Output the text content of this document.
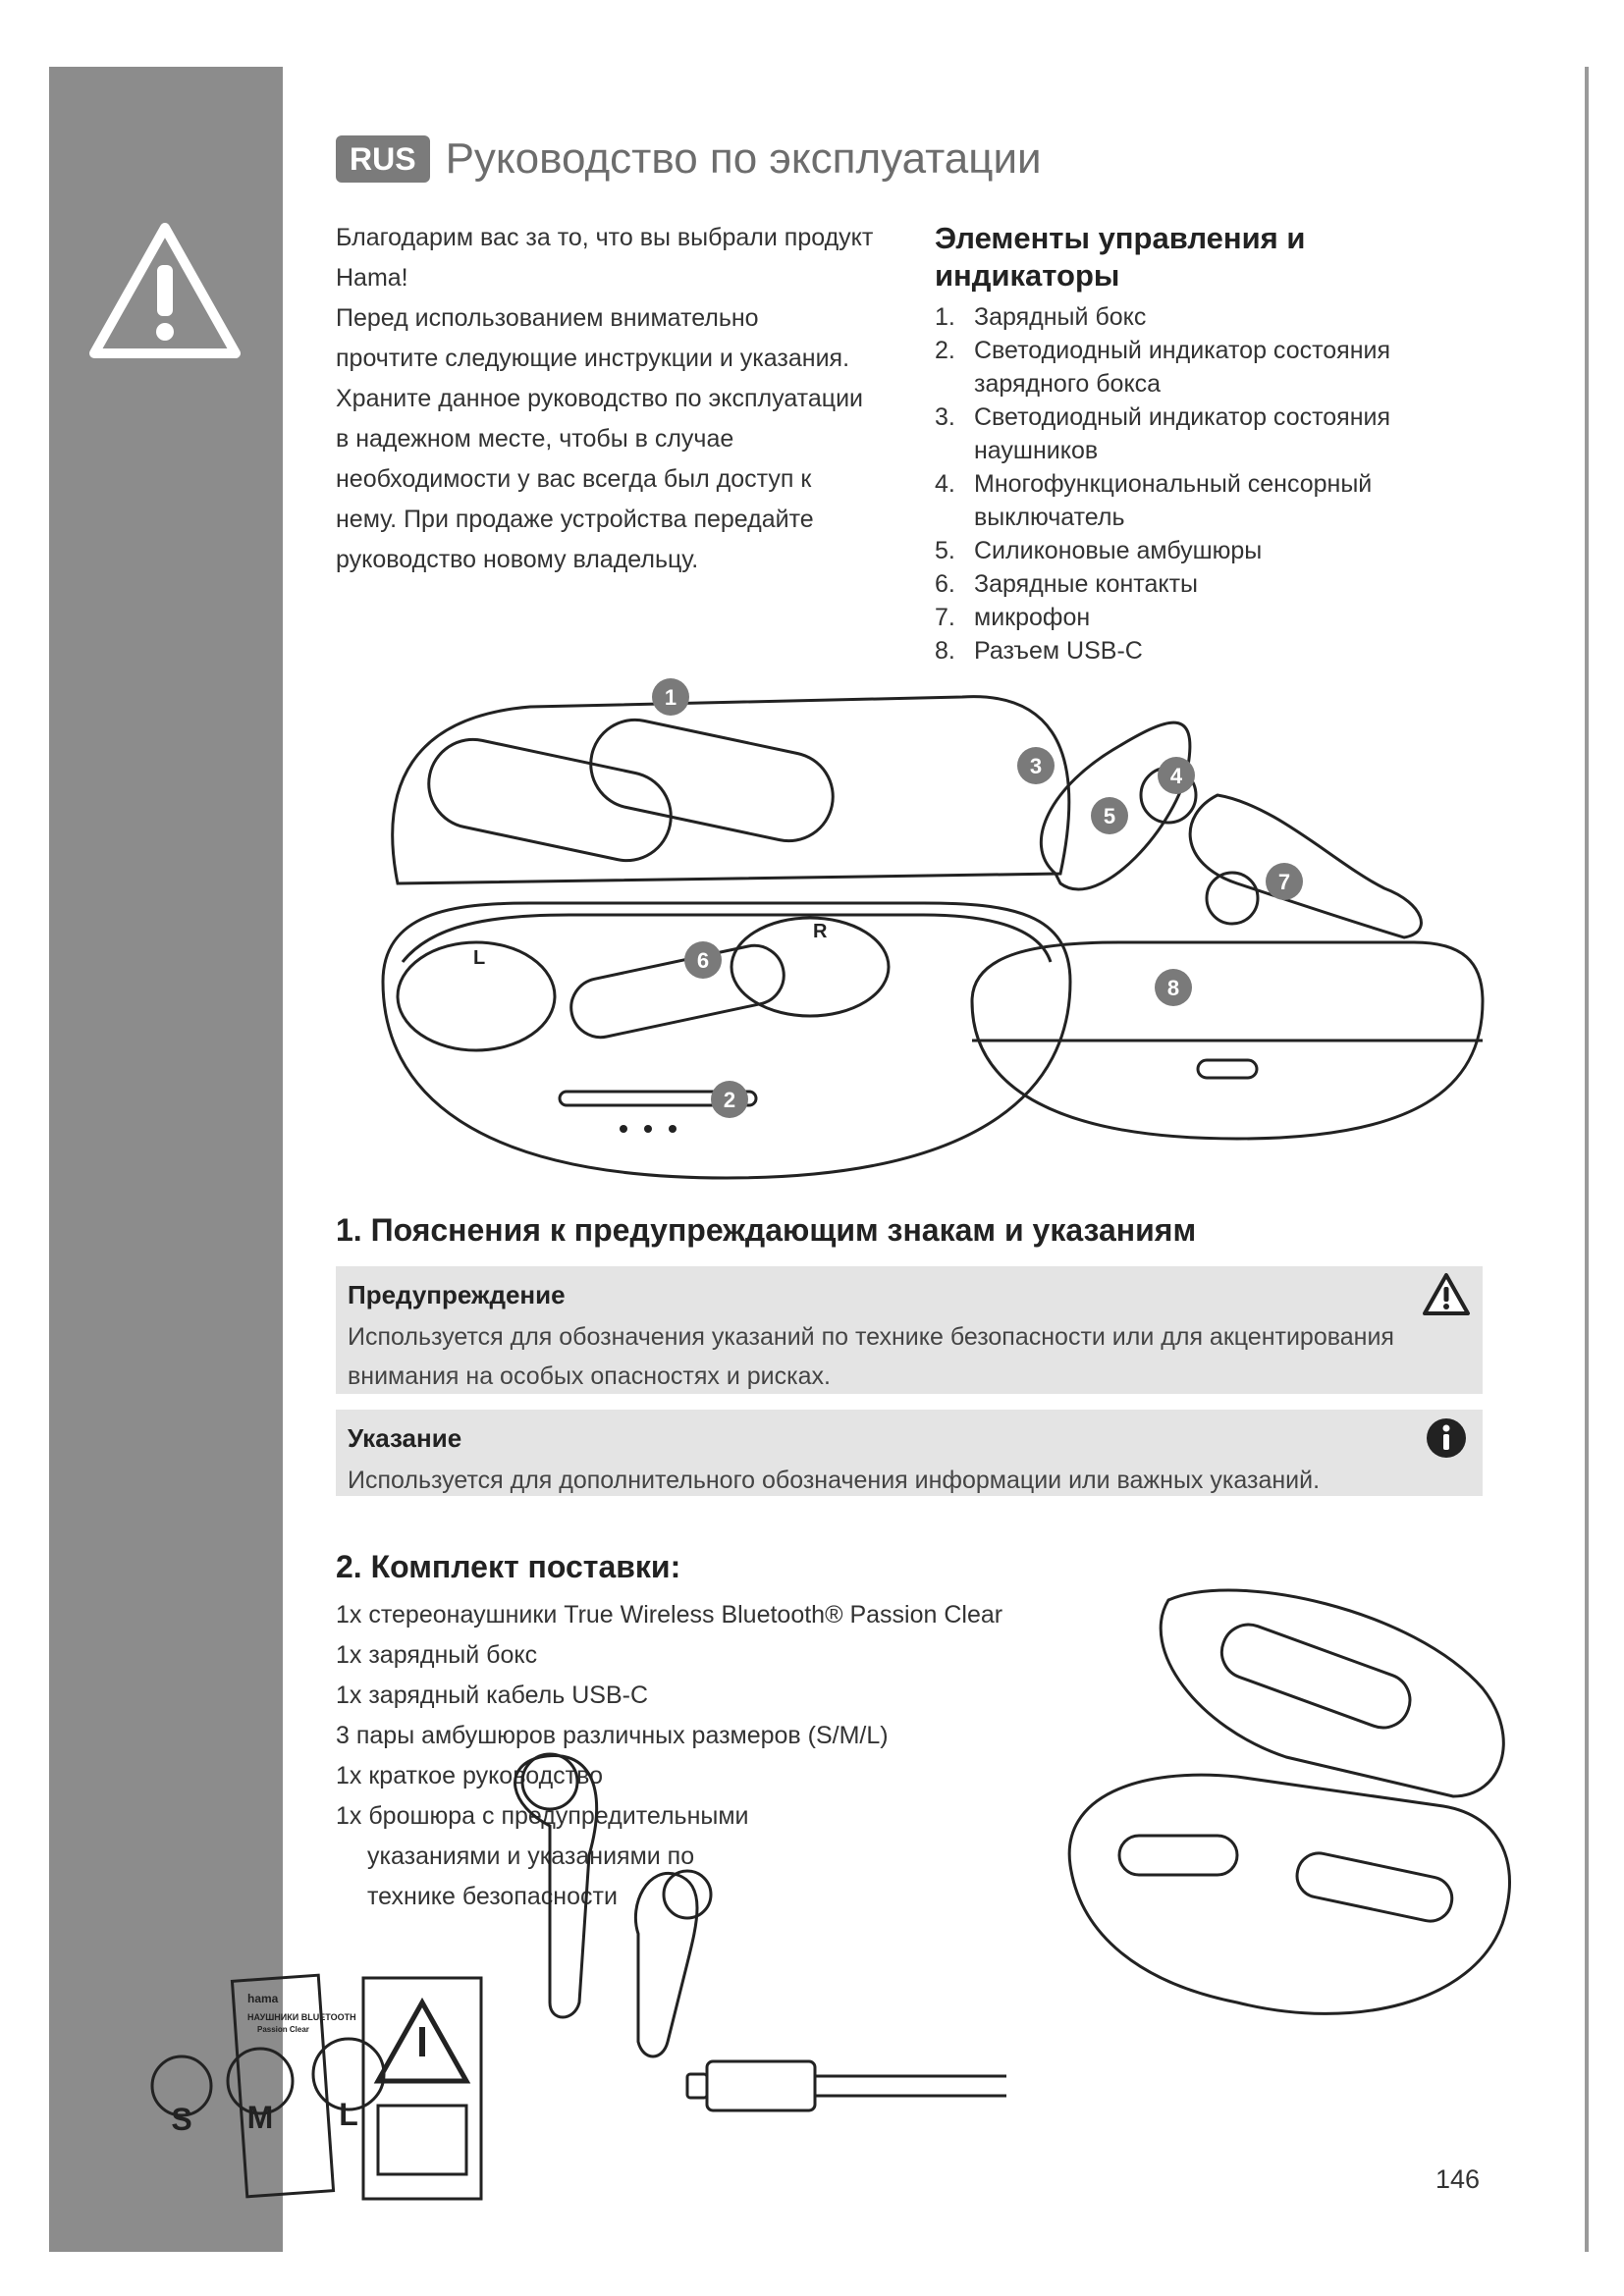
RUS Руководство по эксплуатации

Благодарим вас за то, что вы выбрали продукт

Hama!

Перед использованием внимательно

прочтите следующие инструкции и указания.

Храните данное руководство по эксплуатации

в надежном месте, чтобы в случае

необходимости у вас всегда был доступ к

нему. При продаже устройства передайте

руководство новому владельцу.

Элементы управления и индикаторы
1. Зарядный бокс
2. Светодиодный индикатор состояния зарядного бокса
3. Светодиодный индикатор состояния наушников
4. Многофункциональный сенсорный выключатель
5. Силиконовые амбушюры
6. Зарядные контакты
7. микрофон
8. Разъем USB-C
L
R
1
2
3	4
5
6
7
8
1. Пояснения к предупреждающим знакам и указаниям
Предупреждение
Используется для обозначения указаний по технике безопасности или для акцентирования внимания на особых опасностях и рисках.
Указание
Используется для дополнительного обозначения информации или важных указаний.
2. Комплект поставки:
1x стереонаушники True Wireless Bluetooth® Passion Clear
1x зарядный бокс
1x зарядный кабель USB-C
3 пары амбушюров различных размеров (S/M/L)
1x краткое руководство
1x брошюра с предупредительными
указаниями и указаниями по
технике безопасности
S M L
hama
НАУШНИКИ BLUETOOTH
Passion Clear
146
